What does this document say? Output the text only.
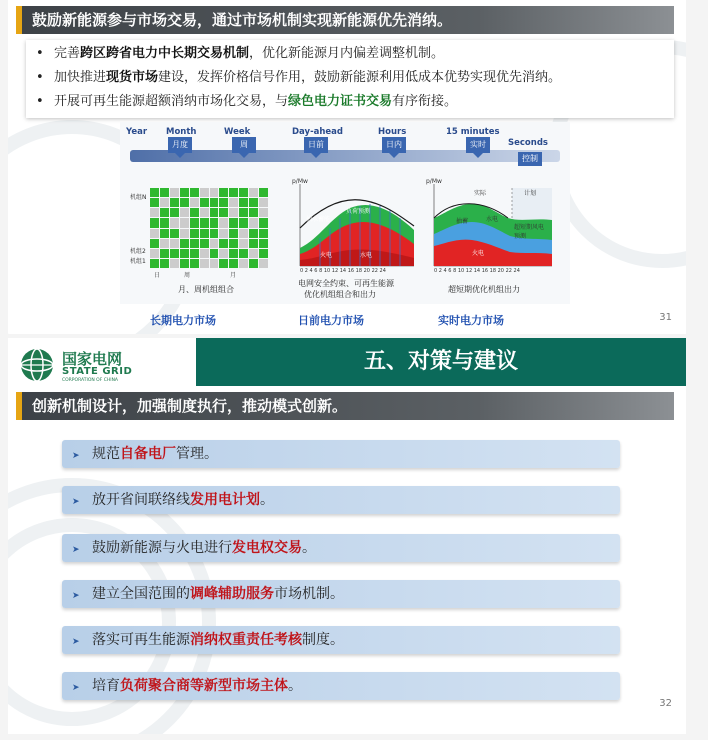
鼓励新能源参与市场交易，通过市场机制实现新能源优先消纳。
• 完善跨区跨省电力中长期交易机制，优化新能源月内偏差调整机制。
• 加快推进现货市场建设，发挥价格信号作用，鼓励新能源利用低成本优势实现优先消纳。
• 开展可再生能源超额消纳市场化交易，与绿色电力证书交易有序衔接。
Year Month	Week	Day-ahead	Hours	15 minutes
Seconds
月度	周	日前	日内	实时
控制
机组N
机组2
机组1
日	周	月
月、周机组组合
p/Mw
抽水蓄能
负荷预测
火电	水电
0 2 4 6 8 10 12 14 16 18 20 22 24
电网安全约束、可再生能源
优化机组组合和出力
p/Mw
实际	计划
抽蓄	水电
火电
超短期风电预测
0 2 4 6 8 10 12 14 16 18 20 22 24
超短期优化机组出力
长期电力市场	日前电力市场	实时电力市场	31
国家电网
STATE GRID
CORPORATION OF CHINA
五、对策与建议
创新机制设计，加强制度执行，推动模式创新。
➤ 规范自备电厂管理。
➤ 放开省间联络线发用电计划。
➤ 鼓励新能源与火电进行发电权交易。
➤ 建立全国范围的调峰辅助服务市场机制。
➤ 落实可再生能源消纳权重责任考核制度。
➤ 培育负荷聚合商等新型市场主体。
32
